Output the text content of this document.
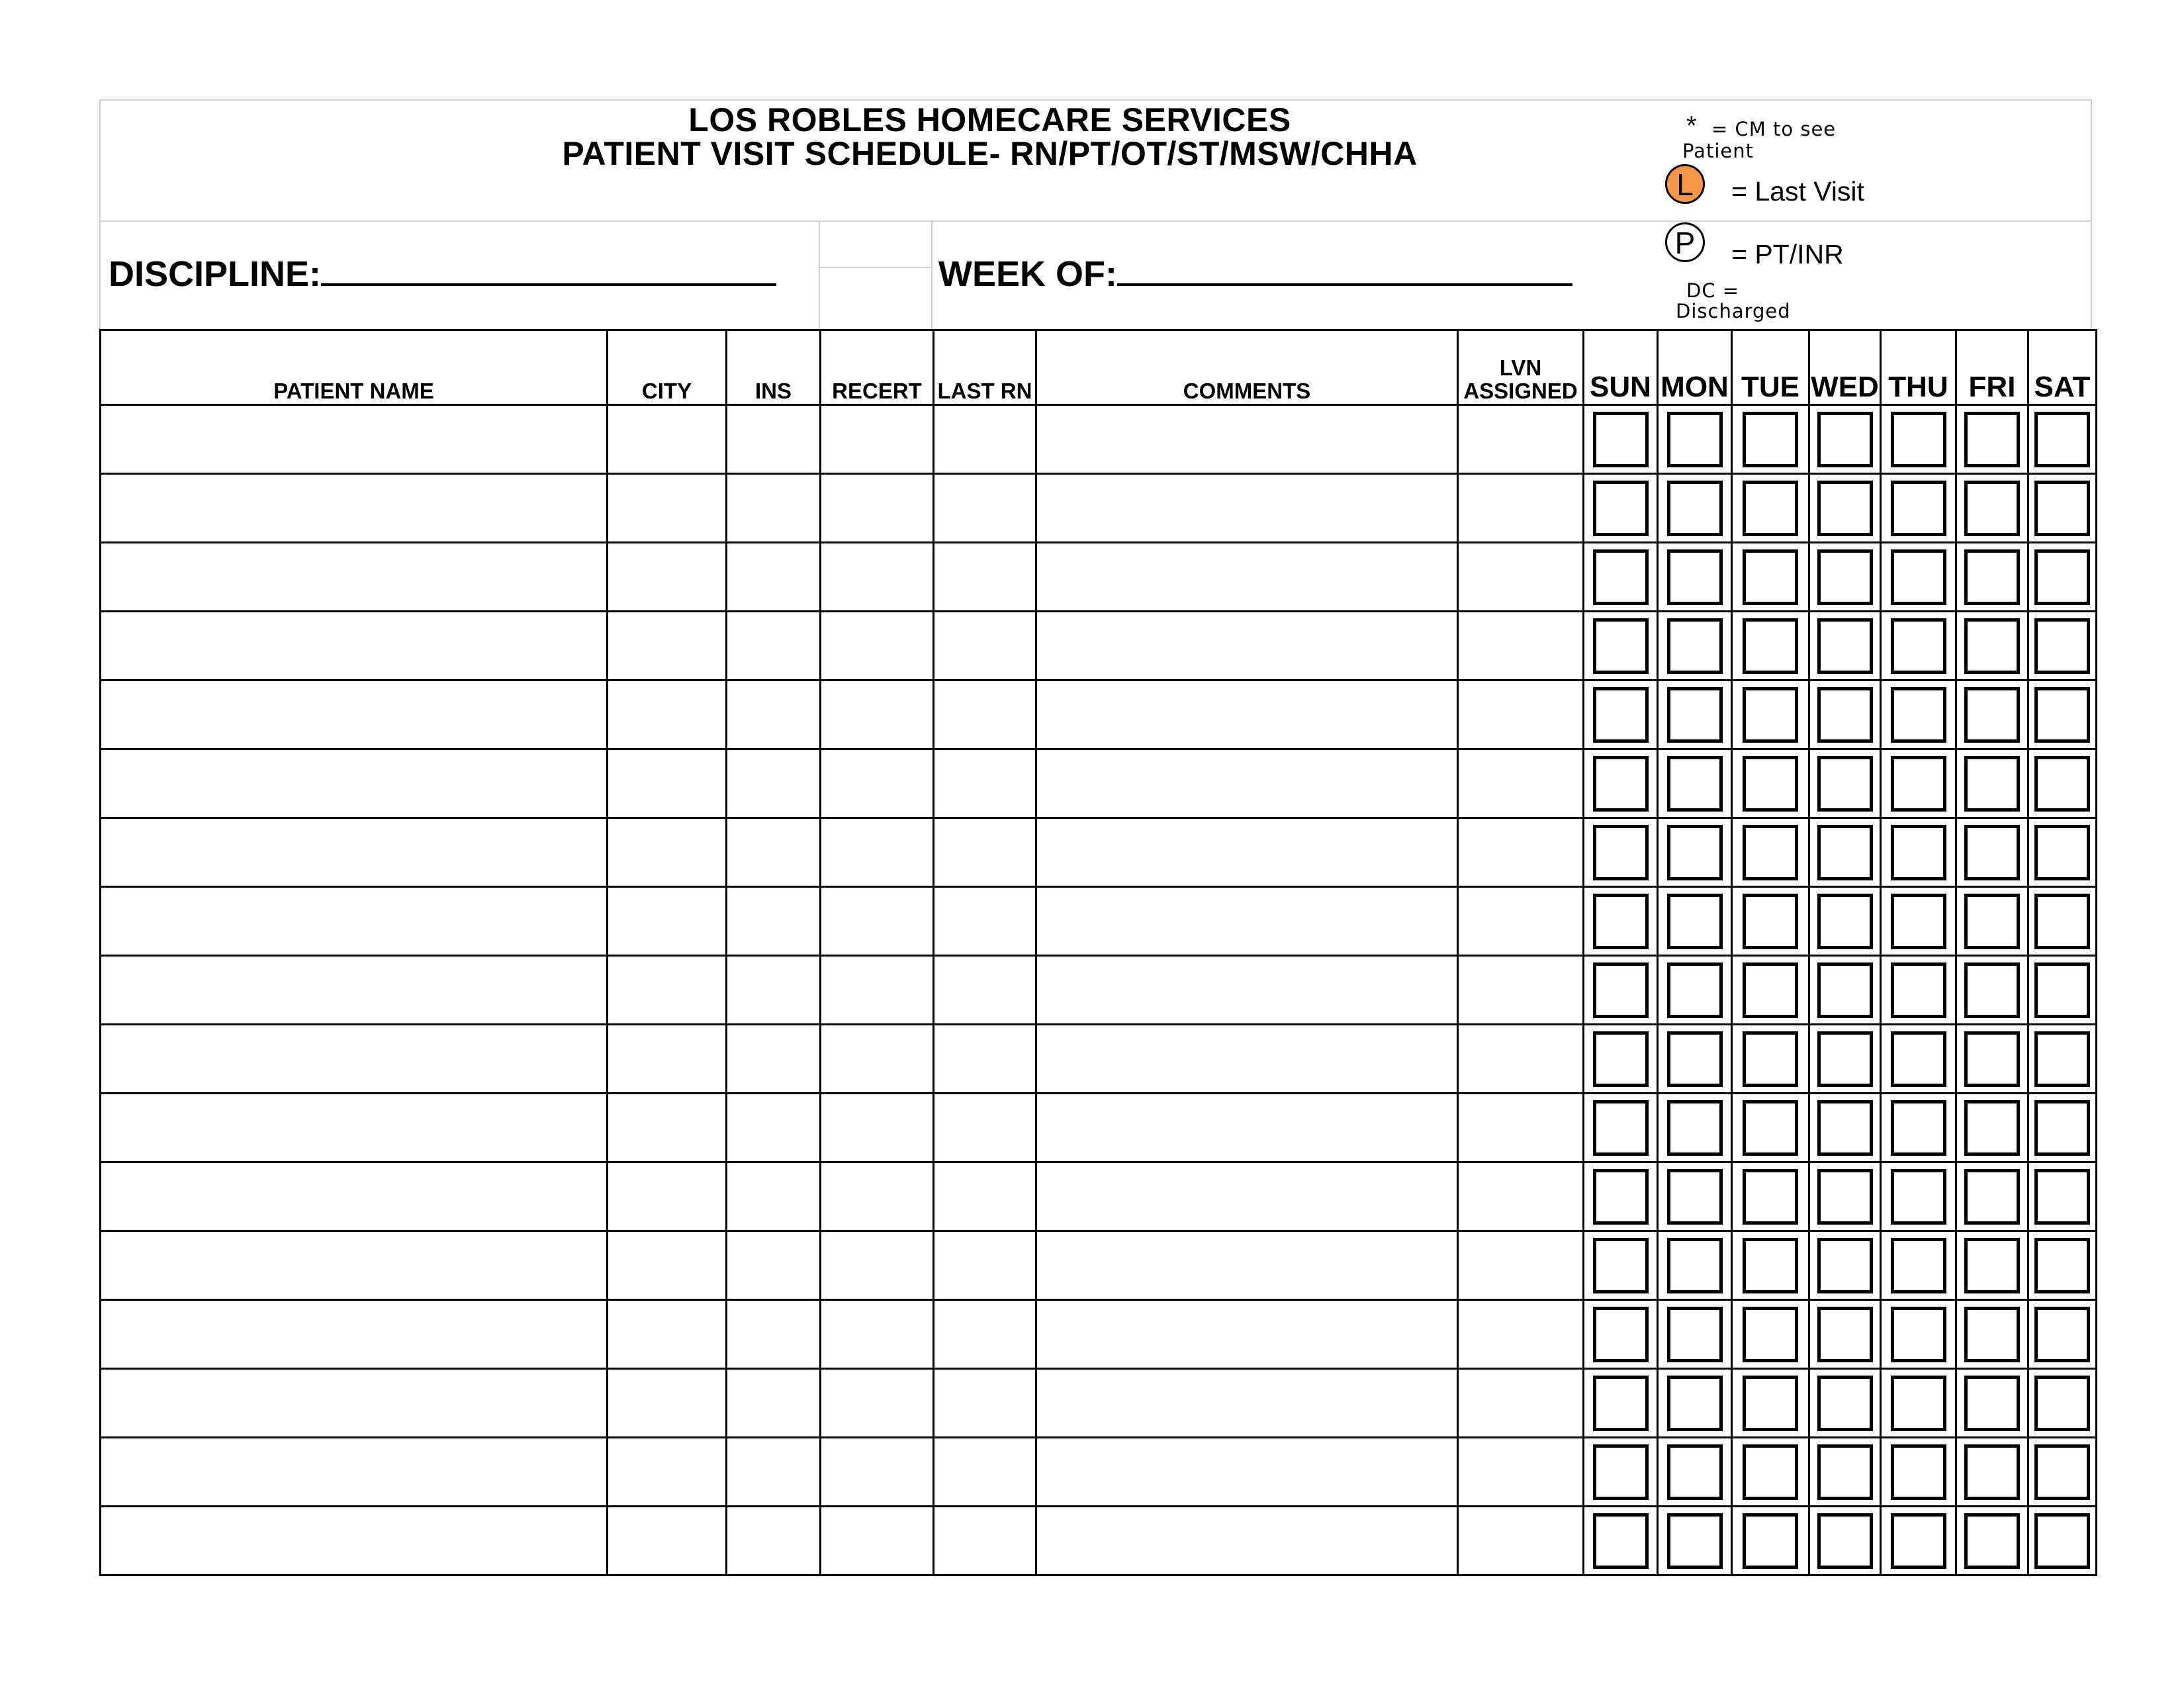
LOS ROBLES HOMECARE SERVICES
PATIENT VISIT SCHEDULE- RN/PT/OT/ST/MSW/CHHA
DISCIPLINE:	WEEK OF:
* = CM to see
Patient
L	= Last Visit
P	= PT/INR
DC =
Discharged
PATIENT NAME	CITY	INS	RECERT	LAST RN	COMMENTS	LVN
ASSIGNED	SUN	MON	TUE	WED	THU	FRI	SAT
